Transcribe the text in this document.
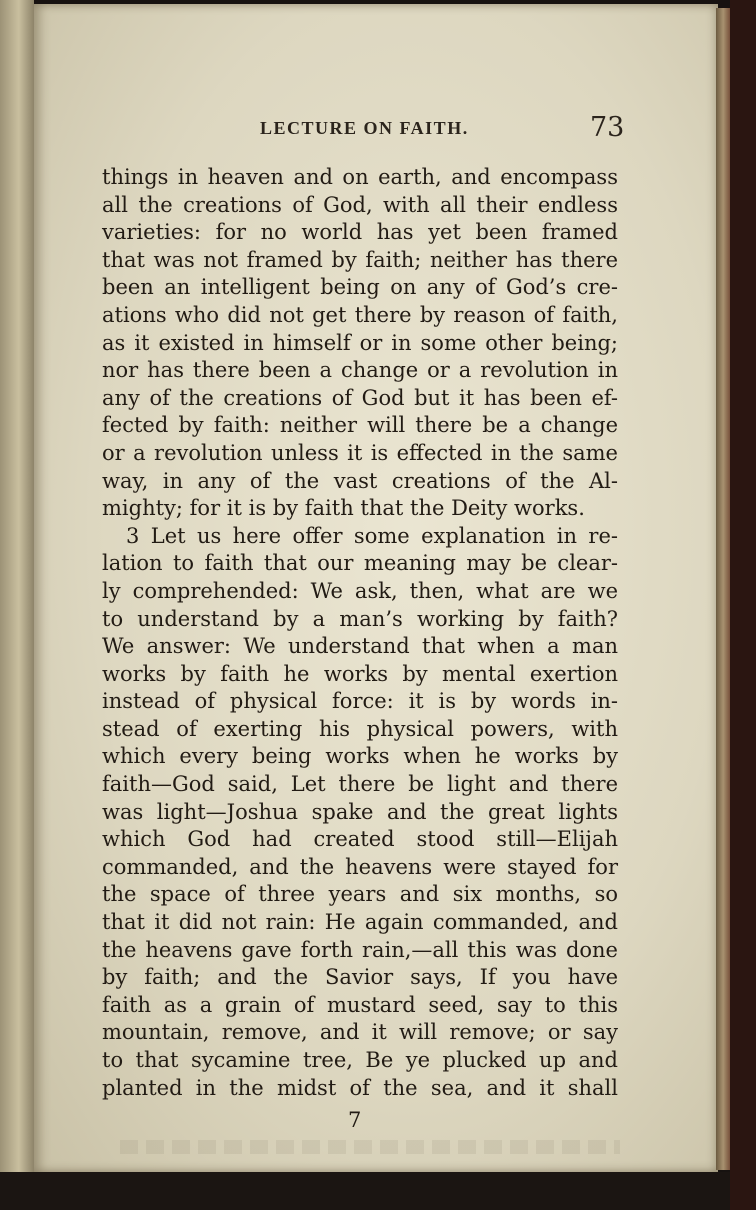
LECTURE ON FAITH.	73
things in heaven and on earth, and encompass
all the creations of God, with all their endless
varieties: for no world has yet been framed
that was not framed by faith; neither has there
been an intelligent being on any of God’s cre-
ations who did not get there by reason of faith,
as it existed in himself or in some other being;
nor has there been a change or a revolution in
any of the creations of God but it has been ef-
fected by faith: neither will there be a change
or a revolution unless it is effected in the same
way, in any of the vast creations of the Al-
mighty; for it is by faith that the Deity works.
3 Let us here offer some explanation in re-
lation to faith that our meaning may be clear-
ly comprehended: We ask, then, what are we
to understand by a man’s working by faith?
We answer: We understand that when a man
works by faith he works by mental exertion
instead of physical force: it is by words in-
stead of exerting his physical powers, with
which every being works when he works by
faith—God said, Let there be light and there
was light—Joshua spake and the great lights
which God had created stood still—Elijah
commanded, and the heavens were stayed for
the space of three years and six months, so
that it did not rain: He again commanded, and
the heavens gave forth rain,—all this was done
by faith; and the Savior says, If you have
faith as a grain of mustard seed, say to this
mountain, remove, and it will remove; or say
to that sycamine tree, Be ye plucked up and
planted in the midst of the sea, and it shall
7
